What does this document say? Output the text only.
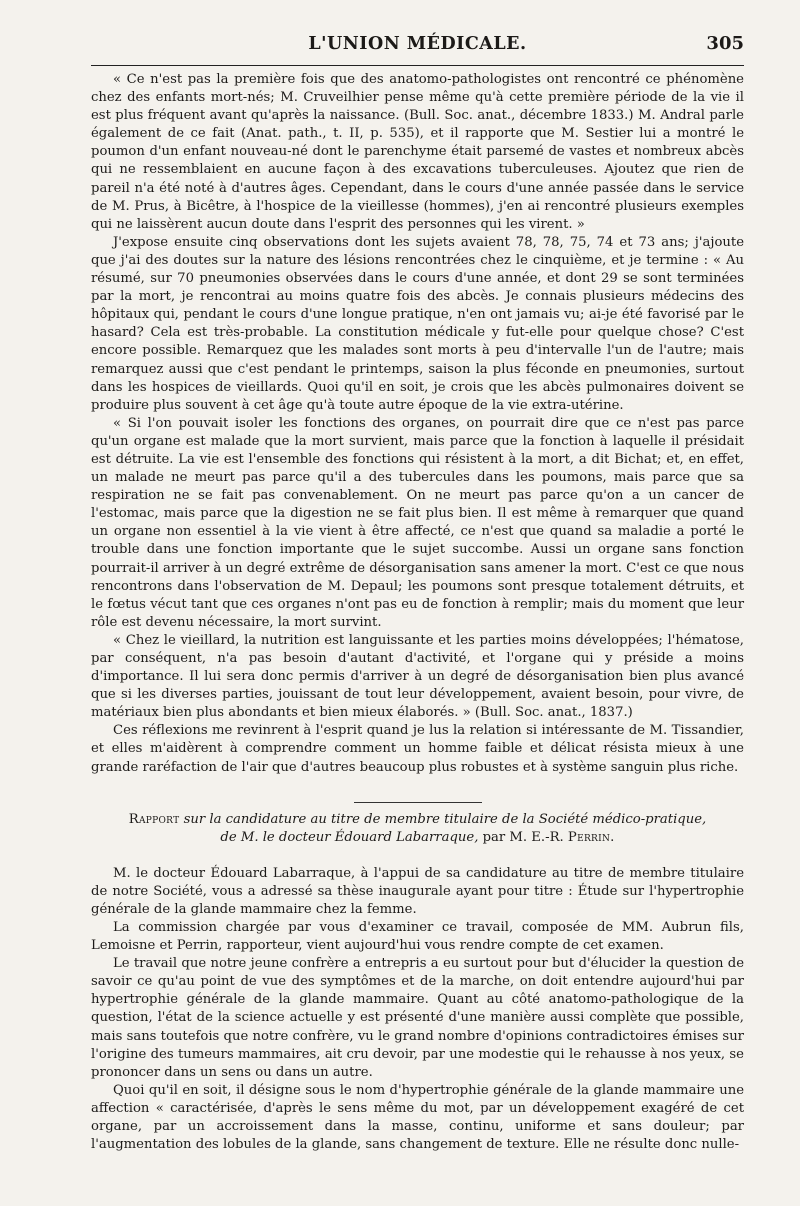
L'UNION MÉDICALE.	305

« Ce n'est pas la première fois que des anatomo-pathologistes ont rencontré ce phénomène chez des enfants mort-nés; M. Cruveilhier pense même qu'à cette première période de la vie il est plus fréquent avant qu'après la naissance. (Bull. Soc. anat., décembre 1833.) M. Andral parle également de ce fait (Anat. path., t. II, p. 535), et il rapporte que M. Sestier lui a montré le poumon d'un enfant nouveau-né dont le parenchyme était parsemé de vastes et nombreux abcès qui ne ressemblaient en aucune façon à des excavations tuberculeuses. Ajoutez que rien de pareil n'a été noté à d'autres âges. Cependant, dans le cours d'une année passée dans le service de M. Prus, à Bicêtre, à l'hospice de la vieillesse (hommes), j'en ai rencontré plusieurs exemples qui ne laissèrent aucun doute dans l'esprit des personnes qui les virent. »

J'expose ensuite cinq observations dont les sujets avaient 78, 78, 75, 74 et 73 ans; j'ajoute que j'ai des doutes sur la nature des lésions rencontrées chez le cinquième, et je termine : « Au résumé, sur 70 pneumonies observées dans le cours d'une année, et dont 29 se sont terminées par la mort, je rencontrai au moins quatre fois des abcès. Je connais plusieurs médecins des hôpitaux qui, pendant le cours d'une longue pratique, n'en ont jamais vu; ai-je été favorisé par le hasard? Cela est très-probable. La constitution médicale y fut-elle pour quelque chose? C'est encore possible. Remarquez que les malades sont morts à peu d'intervalle l'un de l'autre; mais remarquez aussi que c'est pendant le printemps, saison la plus féconde en pneumonies, surtout dans les hospices de vieillards. Quoi qu'il en soit, je crois que les abcès pulmonaires doivent se produire plus souvent à cet âge qu'à toute autre époque de la vie extra-utérine.

« Si l'on pouvait isoler les fonctions des organes, on pourrait dire que ce n'est pas parce qu'un organe est malade que la mort survient, mais parce que la fonction à laquelle il présidait est détruite. La vie est l'ensemble des fonctions qui résistent à la mort, a dit Bichat; et, en effet, un malade ne meurt pas parce qu'il a des tubercules dans les poumons, mais parce que sa respiration ne se fait pas convenablement. On ne meurt pas parce qu'on a un cancer de l'estomac, mais parce que la digestion ne se fait plus bien. Il est même à remarquer que quand un organe non essentiel à la vie vient à être affecté, ce n'est que quand sa maladie a porté le trouble dans une fonction importante que le sujet succombe. Aussi un organe sans fonction pourrait-il arriver à un degré extrême de désorganisation sans amener la mort. C'est ce que nous rencontrons dans l'observation de M. Depaul; les poumons sont presque totalement détruits, et le fœtus vécut tant que ces organes n'ont pas eu de fonction à remplir; mais du moment que leur rôle est devenu nécessaire, la mort survint.

« Chez le vieillard, la nutrition est languissante et les parties moins développées; l'hématose, par conséquent, n'a pas besoin d'autant d'activité, et l'organe qui y préside a moins d'importance. Il lui sera donc permis d'arriver à un degré de désorganisation bien plus avancé que si les diverses parties, jouissant de tout leur développement, avaient besoin, pour vivre, de matériaux bien plus abondants et bien mieux élaborés. » (Bull. Soc. anat., 1837.)

Ces réflexions me revinrent à l'esprit quand je lus la relation si intéressante de M. Tissandier, et elles m'aidèrent à comprendre comment un homme faible et délicat résista mieux à une grande raréfaction de l'air que d'autres beaucoup plus robustes et à système sanguin plus riche.

Rapport sur la candidature au titre de membre titulaire de la Société médico-pratique,
de M. le docteur Édouard Labarraque, par M. E.-R. Perrin.

M. le docteur Édouard Labarraque, à l'appui de sa candidature au titre de membre titulaire de notre Société, vous a adressé sa thèse inaugurale ayant pour titre : Étude sur l'hypertrophie générale de la glande mammaire chez la femme.

La commission chargée par vous d'examiner ce travail, composée de MM. Aubrun fils, Lemoisne et Perrin, rapporteur, vient aujourd'hui vous rendre compte de cet examen.

Le travail que notre jeune confrère a entrepris a eu surtout pour but d'élucider la question de savoir ce qu'au point de vue des symptômes et de la marche, on doit entendre aujourd'hui par hypertrophie générale de la glande mammaire. Quant au côté anatomo-pathologique de la question, l'état de la science actuelle y est présenté d'une manière aussi complète que possible, mais sans toutefois que notre confrère, vu le grand nombre d'opinions contradictoires émises sur l'origine des tumeurs mammaires, ait cru devoir, par une modestie qui le rehausse à nos yeux, se prononcer dans un sens ou dans un autre.

Quoi qu'il en soit, il désigne sous le nom d'hypertrophie générale de la glande mammaire une affection « caractérisée, d'après le sens même du mot, par un développement exagéré de cet organe, par un accroissement dans la masse, continu, uniforme et sans douleur; par l'augmentation des lobules de la glande, sans changement de texture. Elle ne résulte donc nulle-
